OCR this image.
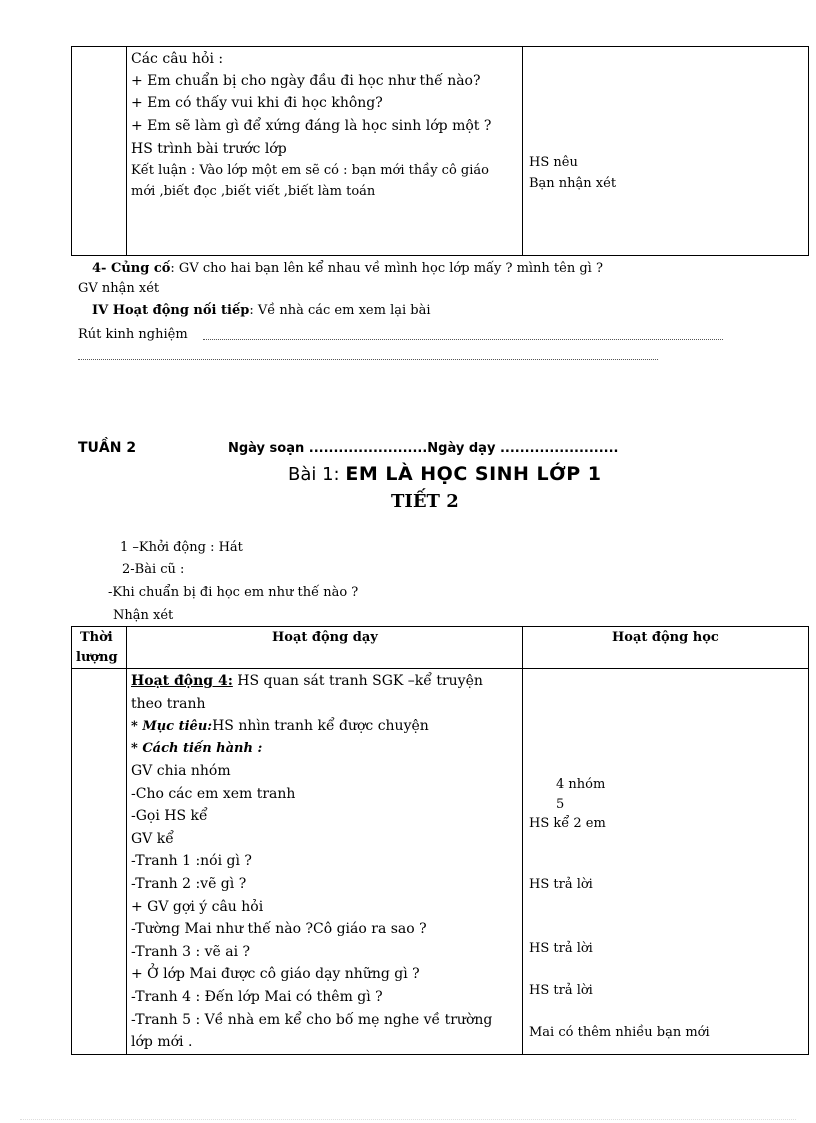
Các câu hỏi :
+ Em chuẩn bị cho ngày đầu đi học như thế nào?
+ Em có thấy vui khi đi học không?
+ Em sẽ làm gì để xứng đáng là học sinh lớp một ?
HS trình bài trước lớp
Kết luận : Vào lớp một em sẽ có : bạn mới thầy cô giáo
mới ,biết đọc ,biết viết ,biết làm toán
HS nêu
Bạn nhận xét
4- Củng cố: GV cho hai bạn lên kể nhau về mình học lớp mấy ? mình tên gì ?
GV nhận xét
IV Hoạt động nối tiếp: Về nhà các em xem lại bài
Rút kinh nghiệm
TUẦN 2	Ngày soạn ........................Ngày dạy ........................
Bài 1: EM LÀ HỌC SINH LỚP 1
TIẾT 2
1 –Khởi động : Hát
2-Bài cũ :
-Khi chuẩn bị đi học em như thế nào ?
Nhận xét
Thời
lượng
Hoạt động dạy	Hoạt động học
Hoạt động 4: HS quan sát tranh SGK –kể truyện
theo tranh
* Mục tiêu:HS nhìn tranh kể được chuyện
* Cách tiến hành :
GV chia nhóm
-Cho các em xem tranh
-Gọi HS kể
GV kể
-Tranh 1 :nói gì ?
-Tranh 2 :vẽ gì ?
+ GV gợi ý câu hỏi
-Tường Mai như thế nào ?Cô giáo ra sao ?
-Tranh 3 : vẽ ai ?
+ Ở lớp Mai được cô giáo dạy những gì ?
-Tranh 4 : Đến lớp Mai có thêm gì ?
-Tranh 5 : Về nhà em kể cho bố mẹ nghe về trường
lớp mới .
4 nhóm
5
HS kể 2 em
HS trả lời
HS trả lời
HS trả lời
Mai có thêm nhiều bạn mới
